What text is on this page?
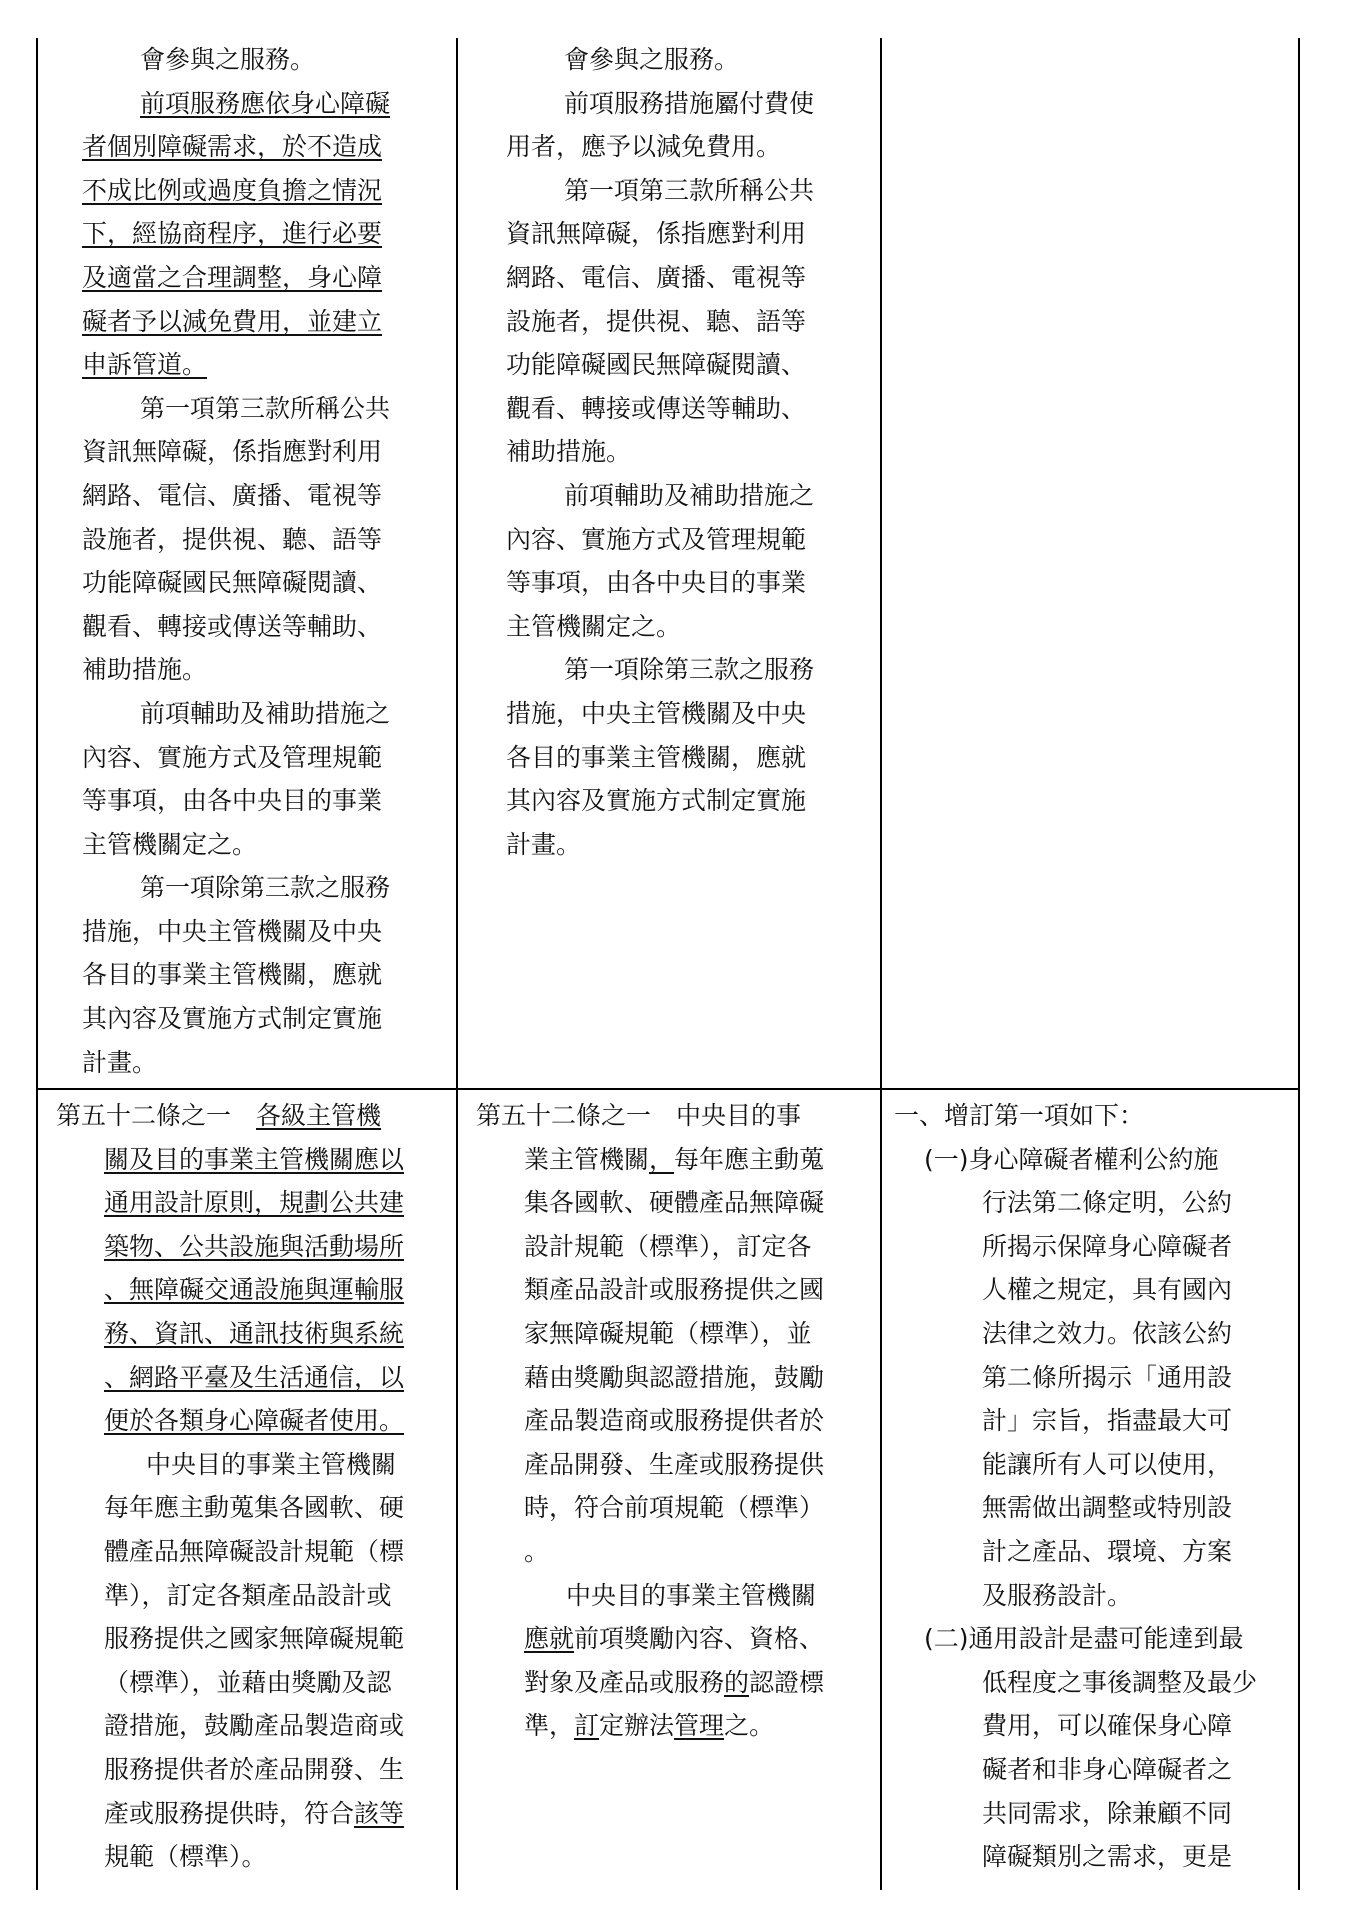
會參與之服務。

前項服務應依身心障礙

者個別障礙需求，於不造成

不成比例或過度負擔之情況

下，經協商程序，進行必要

及適當之合理調整，身心障

礙者予以減免費用，並建立

申訴管道。

第一項第三款所稱公共

資訊無障礙，係指應對利用

網路、電信、廣播、電視等

設施者，提供視、聽、語等

功能障礙國民無障礙閱讀、

觀看、轉接或傳送等輔助、

補助措施。

前項輔助及補助措施之

內容、實施方式及管理規範

等事項，由各中央目的事業

主管機關定之。

第一項除第三款之服務

措施，中央主管機關及中央

各目的事業主管機關，應就

其內容及實施方式制定實施

計畫。

會參與之服務。

前項服務措施屬付費使

用者，應予以減免費用。

第一項第三款所稱公共

資訊無障礙，係指應對利用

網路、電信、廣播、電視等

設施者，提供視、聽、語等

功能障礙國民無障礙閱讀、

觀看、轉接或傳送等輔助、

補助措施。

前項輔助及補助措施之

內容、實施方式及管理規範

等事項，由各中央目的事業

主管機關定之。

第一項除第三款之服務

措施，中央主管機關及中央

各目的事業主管機關，應就

其內容及實施方式制定實施

計畫。

第五十二條之一　各級主管機

關及目的事業主管機關應以

通用設計原則，規劃公共建

築物、公共設施與活動場所

、無障礙交通設施與運輸服

務、資訊、通訊技術與系統

、網路平臺及生活通信，以

便於各類身心障礙者使用。

中央目的事業主管機關

每年應主動蒐集各國軟、硬

體產品無障礙設計規範（標

準），訂定各類產品設計或

服務提供之國家無障礙規範

（標準），並藉由獎勵及認

證措施，鼓勵產品製造商或

服務提供者於產品開發、生

產或服務提供時，符合該等

規範（標準）。

第五十二條之一　中央目的事

業主管機關，每年應主動蒐

集各國軟、硬體產品無障礙

設計規範（標準），訂定各

類產品設計或服務提供之國

家無障礙規範（標準），並

藉由獎勵與認證措施，鼓勵

產品製造商或服務提供者於

產品開發、生產或服務提供

時，符合前項規範（標準）

。

中央目的事業主管機關

應就前項獎勵內容、資格、

對象及產品或服務的認證標

準，訂定辦法管理之。

一、增訂第一項如下：

(一)身心障礙者權利公約施

行法第二條定明，公約

所揭示保障身心障礙者

人權之規定，具有國內

法律之效力。依該公約

第二條所揭示「通用設

計」宗旨，指盡最大可

能讓所有人可以使用，

無需做出調整或特別設

計之產品、環境、方案

及服務設計。

(二)通用設計是盡可能達到最

低程度之事後調整及最少

費用，可以確保身心障

礙者和非身心障礙者之

共同需求，除兼顧不同

障礙類別之需求，更是
